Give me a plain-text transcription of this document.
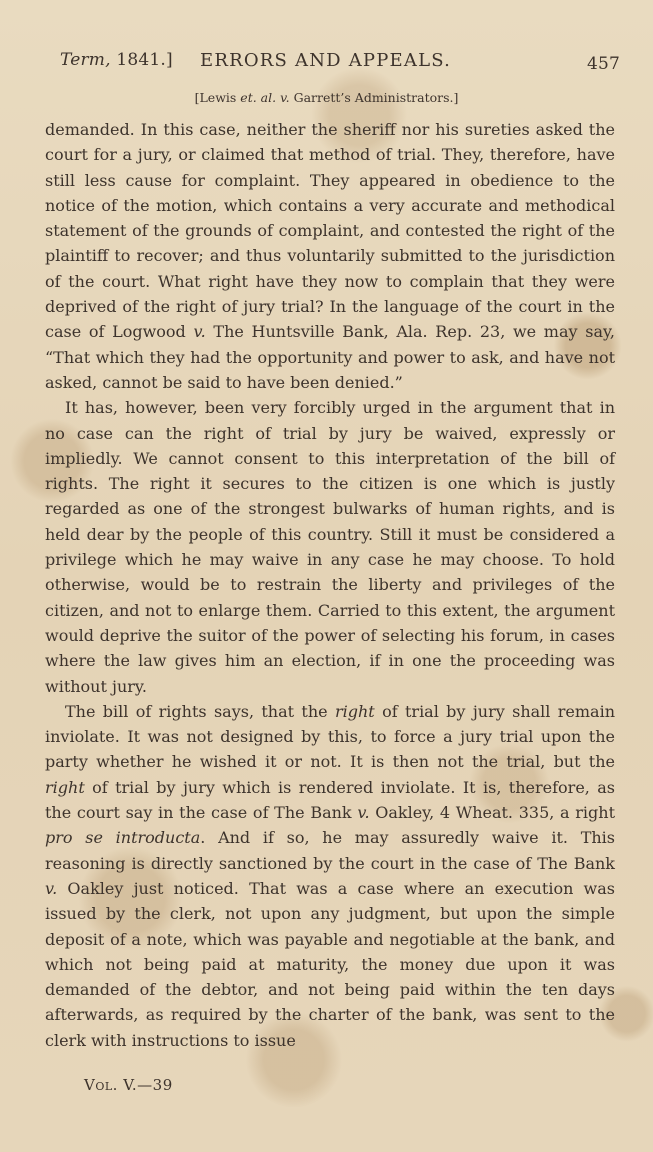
Term, 1841.] ERRORS AND APPEALS.	457
[Lewis et. al. v. Garrett’s Administrators.]

demanded. In this case, neither the sheriff nor his sureties asked the court for a jury, or claimed that method of trial. They, therefore, have still less cause for complaint. They appeared in obedience to the notice of the motion, which contains a very accurate and methodical statement of the grounds of complaint, and contested the right of the plaintiff to recover; and thus voluntarily submitted to the jurisdiction of the court. What right have they now to complain that they were deprived of the right of jury trial? In the language of the court in the case of Logwood v. The Huntsville Bank, Ala. Rep. 23, we may say, “That which they had the opportunity and power to ask, and have not asked, cannot be said to have been denied.”

It has, however, been very forcibly urged in the argument that in no case can the right of trial by jury be waived, expressly or impliedly. We cannot consent to this interpretation of the bill of rights. The right it secures to the citizen is one which is justly regarded as one of the strongest bulwarks of human rights, and is held dear by the people of this country. Still it must be considered a privilege which he may waive in any case he may choose. To hold otherwise, would be to restrain the liberty and privileges of the citizen, and not to enlarge them. Carried to this extent, the argument would deprive the suitor of the power of selecting his forum, in cases where the law gives him an election, if in one the proceeding was without jury.

The bill of rights says, that the right of trial by jury shall remain inviolate. It was not designed by this, to force a jury trial upon the party whether he wished it or not. It is then not the trial, but the right of trial by jury which is rendered inviolate. It is, therefore, as the court say in the case of The Bank v. Oakley, 4 Wheat. 335, a right pro se introducta. And if so, he may assuredly waive it. This reasoning is directly sanctioned by the court in the case of The Bank v. Oakley just noticed. That was a case where an execution was issued by the clerk, not upon any judgment, but upon the simple deposit of a note, which was payable and negotiable at the bank, and which not being paid at maturity, the money due upon it was demanded of the debtor, and not being paid within the ten days afterwards, as required by the charter of the bank, was sent to the clerk with instructions to issue

Vol. V.—39
